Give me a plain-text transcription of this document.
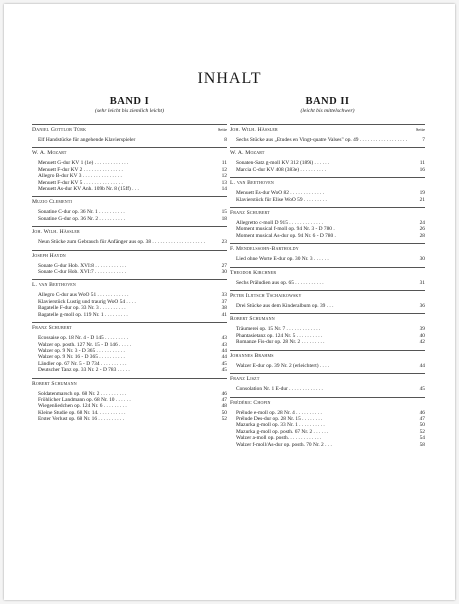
INHALT
BAND I
(sehr leicht bis ziemlich leicht)
Daniel Gottlob Türk	Seite
Elf Handstücke für angehende Klavierspieler	8
W. A. Mozart
Menuett G-dur KV 1 (1e) . . . . . . . . . . . . .	11
Menuett F-dur KV 2 . . . . . . . . . . . . . . .	12
Allegro B-dur KV 3 . . . . . . . . . . . . . . .	12
Menuett F-dur KV 5 . . . . . . . . . . . . . . .	13
Menuett As-dur KV Anh. 109b Nr. 8 (15ff) . . .	14
Muzio Clementi
Sonatine C-dur op. 36 Nr. 1 . . . . . . . . . .	15
Sonatine G-dur op. 36 Nr. 2 . . . . . . . . . .	18
Joh. Wilh. Hässler
Neun Stücke zum Gebrauch für Anfänger aus op. 38 . . . . . . . . . . . . . . . . . . . .	23
Joseph Haydn
Sonate G-dur Hob. XVI:8 . . . . . . . . . . . .	27
Sonate C-dur Hob. XVI:7 . . . . . . . . . . . .	30
L. van Beethoven
Allegro C-dur aus WoO 51 . . . . . . . . . . . .	33
Klavierstück Lustig und traurig WoO 54 . . . .	37
Bagatelle F-dur op. 33 Nr. 3 . . . . . . . . . .	38
Bagatelle g-moll op. 119 Nr. 1 . . . . . . . . .	41
Franz Schubert
Ecossaise op. 18 Nr. 4 - D 145 . . . . . . . . .	43
Walzer op. posth. 127 Nr. 15 - D 146 . . . . .	43
Walzer op. 9 Nr. 3 - D 365 . . . . . . . . . . .	44
Walzer op. 9 Nr. 16 - D 365 . . . . . . . . . .	44
Ländler op. 67 Nr. 5 - D 734 . . . . . . . . . .	45
Deutscher Tanz op. 33 Nr. 2 - D 783 . . . . .	45
Robert Schumann
Soldatenmarsch op. 68 Nr. 2 . . . . . . . . . .	46
Fröhlicher Landmann op. 68 Nr. 10 . . . . . .	47
Wiegenliedchen op. 124 Nr. 6 . . . . . . . . .	48
Kleine Studie op. 68 Nr. 14. . . . . . . . . . .	50
Erster Verlust op. 68 Nr. 16 . . . . . . . . . .	52
BAND II
(leicht bis mittelschwer)
Joh. Wilh. Hässler	Seite
Sechs Stücke aus „Etudes en Vingt-quatre Valses" op. 49 . . . . . . . . . . . . . . . . . .	7
W. A. Mozart
Sonaten-Satz g-moll KV 312 (189i) . . . . . .	11
Marcia C-dur KV 408 (383e) . . . . . . . . . .	16
L. van Beethoven
Menuett Es-dur WoO 82 . . . . . . . . . . . . .	19
Klavierstück für Elise WoO 59 . . . . . . . . .	21
Franz Schubert
Allegretto c-moll D 915 . . . . . . . . . . . . .	24
Moment musical f-moll op. 94 Nr. 3 - D 780 .	26
Moment musical As-dur op. 94 Nr. 6 - D 780 .	28
F. Mendelssohn-Bartholdy
Lied ohne Worte E-dur op. 30 Nr. 3 . . . . . .	30
Theodor Kirchner
Sechs Präludien aus op. 65 . . . . . . . . . . .	31
Peter Iljitsch Tschaikowsky
Drei Stücke aus dem Kinderalbum op. 39 . . .	36
Robert Schumann
Träumerei op. 15 Nr. 7 . . . . . . . . . . . . .	39
Phantasietanz op. 124 Nr. 5 . . . . . . . . . .	40
Romanze Fis-dur op. 28 Nr. 2 . . . . . . . . .	42
Johannes Brahms
Walzer E-dur op. 39 Nr. 2 (erleichtert) . . . .	44
Franz Liszt
Consolation Nr. 1 E-dur . . . . . . . . . . . . .	45
Frédéric Chopin
Prélude e-moll op. 28 Nr. 4 . . . . . . . . . .	46
Prélude Des-dur op. 28 Nr. 15 . . . . . . . .	47
Mazurka g-moll op. 33 Nr. 1 . . . . . . . . . .	50
Mazurka g-moll op. posth. 67 Nr. 2 . . . . . .	52
Walzer a-moll op. posth. . . . . . . . . . . . .	54
Walzer f-moll/As-dur op. posth. 70 Nr. 2 . . .	58
